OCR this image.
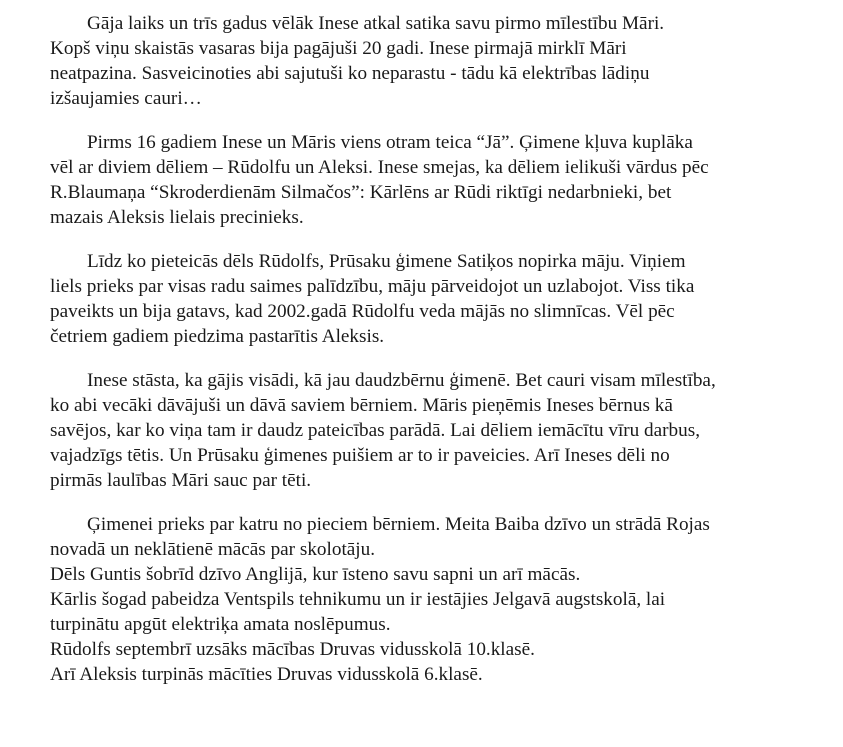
Gāja laiks un trīs gadus vēlāk Inese atkal satika savu pirmo mīlestību Māri.
Kopš viņu skaistās vasaras bija pagājuši 20 gadi. Inese pirmajā mirklī Māri
neatpazina. Sasveicinoties abi sajutuši ko neparastu - tādu kā elektrības lādiņu
izšaujamies cauri…
Pirms 16 gadiem Inese un Māris viens otram teica “Jā”. Ģimene kļuva kuplāka
vēl ar diviem dēliem – Rūdolfu un Aleksi. Inese smejas, ka dēliem ielikuši vārdus pēc
R.Blaumaņa “Skroderdienām Silmačos”: Kārlēns ar Rūdi riktīgi nedarbnieki, bet
mazais Aleksis lielais precinieks.
Līdz ko pieteicās dēls Rūdolfs, Prūsaku ģimene Satiķos nopirka māju. Viņiem
liels prieks par visas radu saimes palīdzību, māju pārveidojot un uzlabojot. Viss tika
paveikts un bija gatavs, kad 2002.gadā Rūdolfu veda mājās no slimnīcas. Vēl pēc
četriem gadiem piedzima pastarītis Aleksis.
Inese stāsta, ka gājis visādi, kā jau daudzbērnu ģimenē. Bet cauri visam mīlestība,
ko abi vecāki dāvājuši un dāvā saviem bērniem. Māris pieņēmis Ineses bērnus kā
savējos, kar ko viņa tam ir daudz pateicības parādā. Lai dēliem iemācītu vīru darbus,
vajadzīgs tētis. Un Prūsaku ģimenes puišiem ar to ir paveicies. Arī Ineses dēli no
pirmās laulības Māri sauc par tēti.
Ģimenei prieks par katru no pieciem bērniem. Meita Baiba dzīvo un strādā Rojas
novadā un neklātienē mācās par skolotāju.
Dēls Guntis šobrīd dzīvo Anglijā, kur īsteno savu sapni un arī mācās.
Kārlis šogad pabeidza Ventspils tehnikumu un ir iestājies Jelgavā augstskolā, lai
turpinātu apgūt elektriķa amata noslēpumus.
Rūdolfs septembrī uzsāks mācības Druvas vidusskolā 10.klasē.
Arī Aleksis turpinās mācīties Druvas vidusskolā 6.klasē.
